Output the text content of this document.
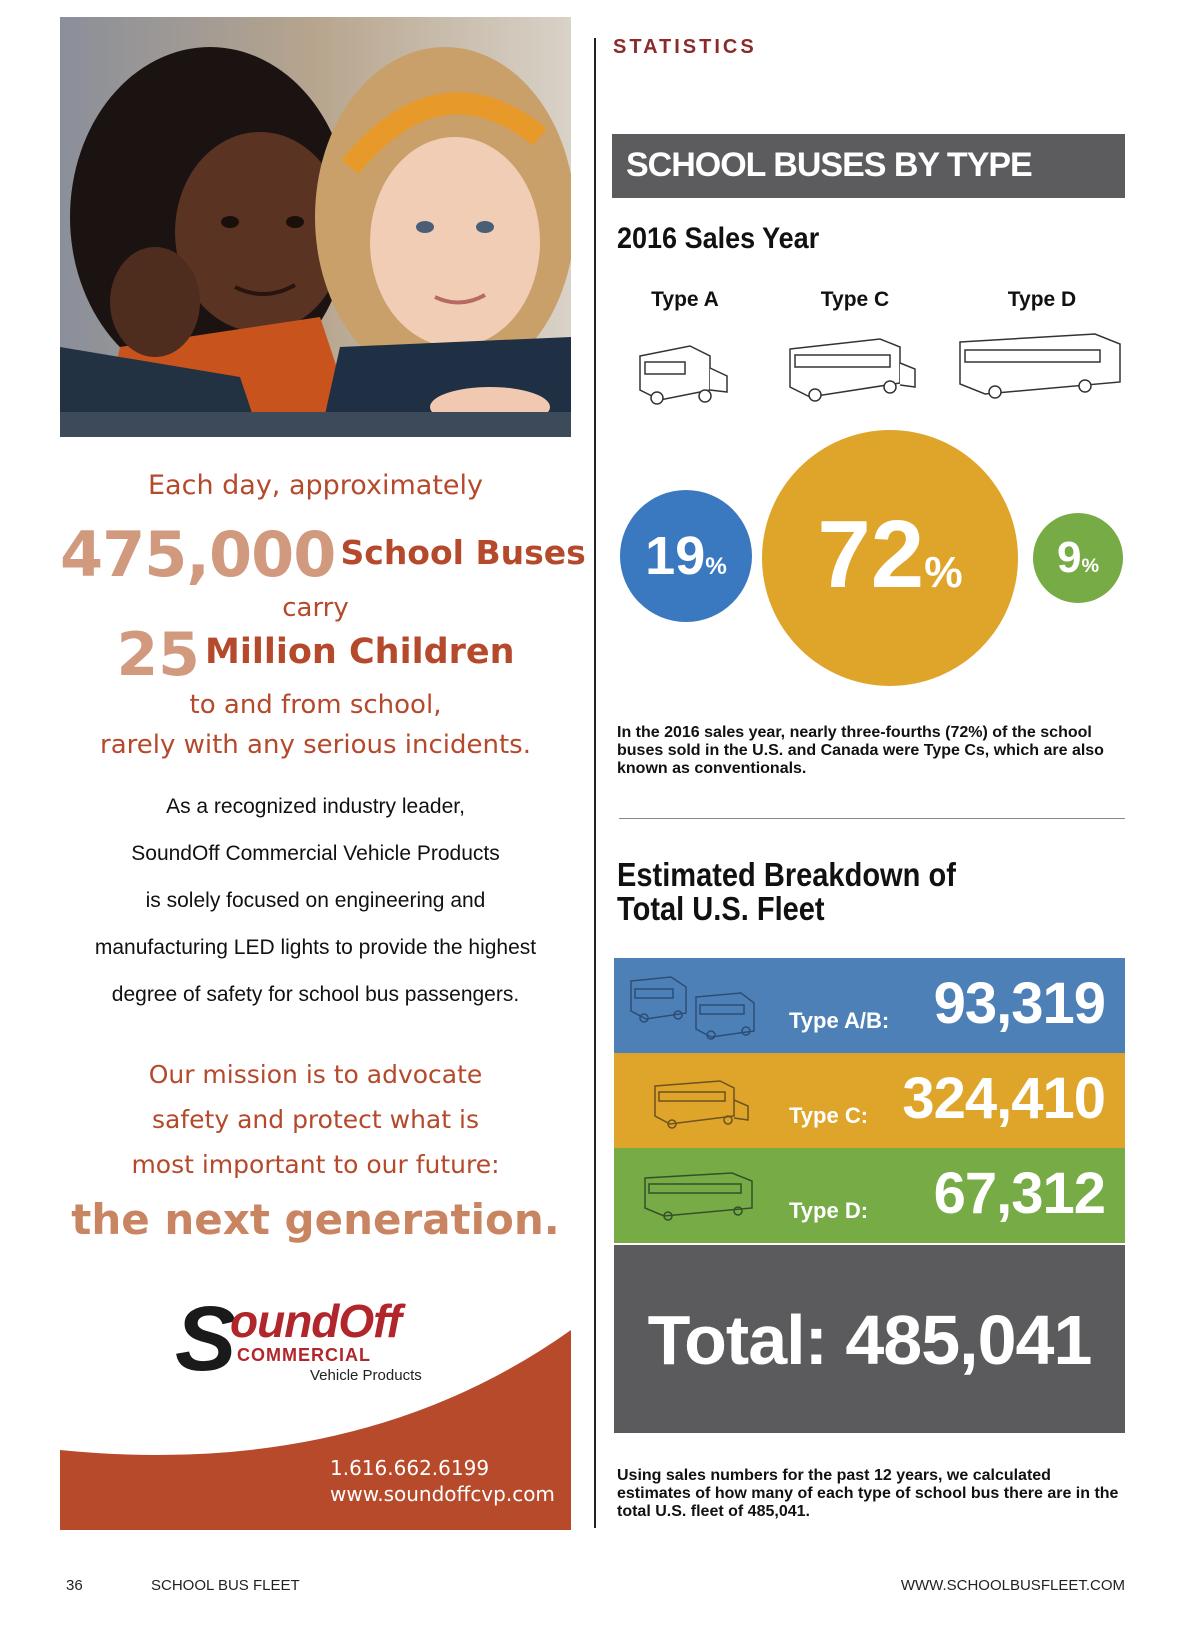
Each day, approximately
475,000 School Buses
carry
25 Million Children
to and from school,
rarely with any serious incidents.
As a recognized industry leader,
SoundOff Commercial Vehicle Products
is solely focused on engineering and
manufacturing LED lights to provide the highest
degree of safety for school bus passengers.
Our mission is to advocate
safety and protect what is
most important to our future:
the next generation.
S
oundOff
COMMERCIAL
Vehicle Products
1.616.662.6199
www.soundoffcvp.com
STATISTICS
SCHOOL BUSES BY TYPE
2016 Sales Year
Type A	Type C	Type D
19% 72%	9%
In the 2016 sales year, nearly three-fourths (72%) of the school buses sold in the U.S. and Canada were Type Cs, which are also known as conventionals.
Estimated Breakdown of
Total U.S. Fleet
Type A/B: 93,319
Type C: 324,410
Type D: 67,312
Total: 485,041
Using sales numbers for the past 12 years, we calculated estimates of how many of each type of school bus there are in the total U.S. fleet of 485,041.
36	SCHOOL BUS FLEET	WWW.SCHOOLBUSFLEET.COM
